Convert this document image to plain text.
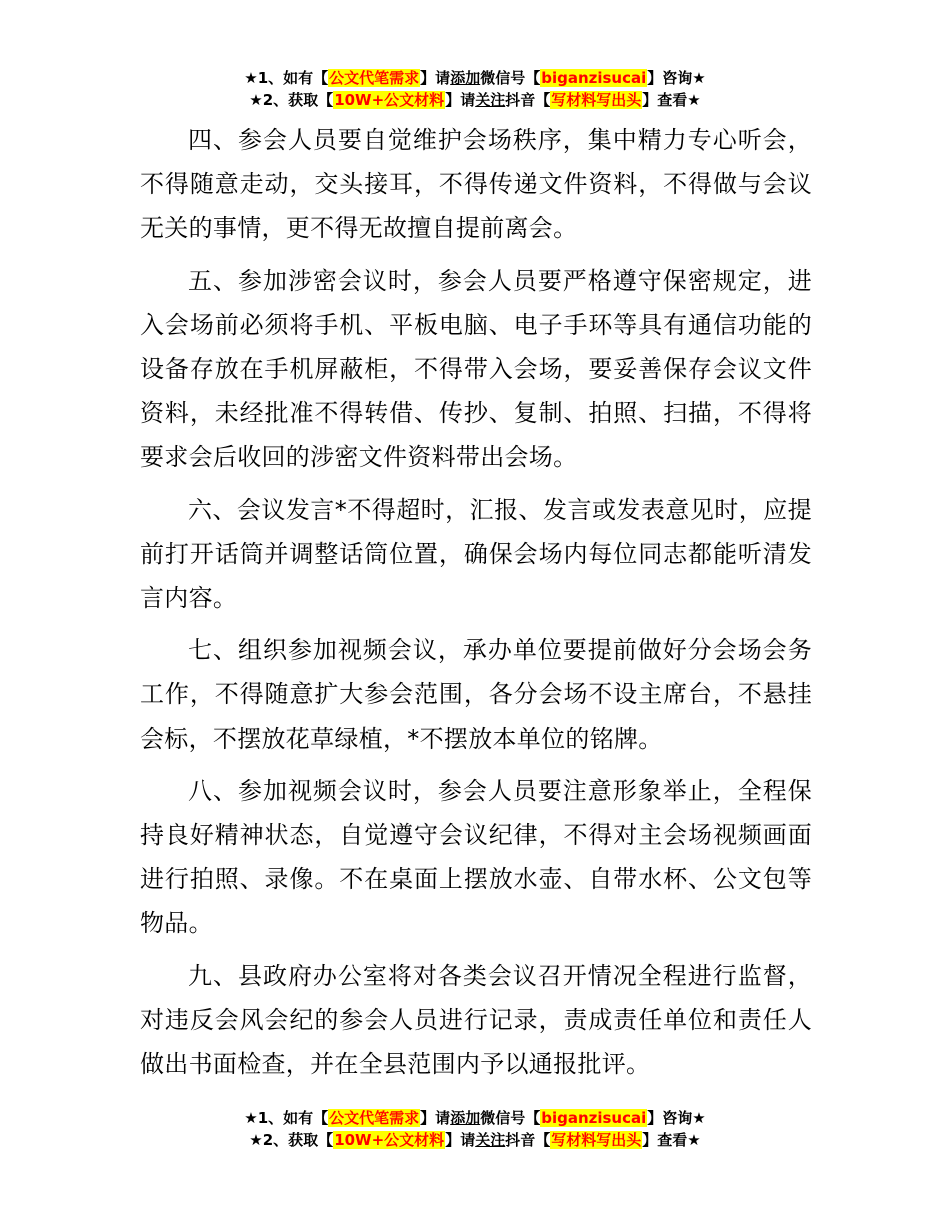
★1、如有【公文代笔需求】请添加微信号【biganzisucai】咨询★
★2、获取【10W+公文材料】请关注抖音【写材料写出头】查看★

四、参会人员要自觉维护会场秩序，集中精力专心听会，不得随意走动，交头接耳，不得传递文件资料，不得做与会议无关的事情，更不得无故擅自提前离会。

五、参加涉密会议时，参会人员要严格遵守保密规定，进入会场前必须将手机、平板电脑、电子手环等具有通信功能的设备存放在手机屏蔽柜，不得带入会场，要妥善保存会议文件资料，未经批准不得转借、传抄、复制、拍照、扫描，不得将要求会后收回的涉密文件资料带出会场。

六、会议发言*不得超时，汇报、发言或发表意见时，应提前打开话筒并调整话筒位置，确保会场内每位同志都能听清发言内容。

七、组织参加视频会议，承办单位要提前做好分会场会务工作，不得随意扩大参会范围，各分会场不设主席台，不悬挂会标，不摆放花草绿植，*不摆放本单位的铭牌。

八、参加视频会议时，参会人员要注意形象举止，全程保持良好精神状态，自觉遵守会议纪律，不得对主会场视频画面进行拍照、录像。不在桌面上摆放水壶、自带水杯、公文包等物品。

九、县政府办公室将对各类会议召开情况全程进行监督，对违反会风会纪的参会人员进行记录，责成责任单位和责任人做出书面检查，并在全县范围内予以通报批评。

★1、如有【公文代笔需求】请添加微信号【biganzisucai】咨询★
★2、获取【10W+公文材料】请关注抖音【写材料写出头】查看★
